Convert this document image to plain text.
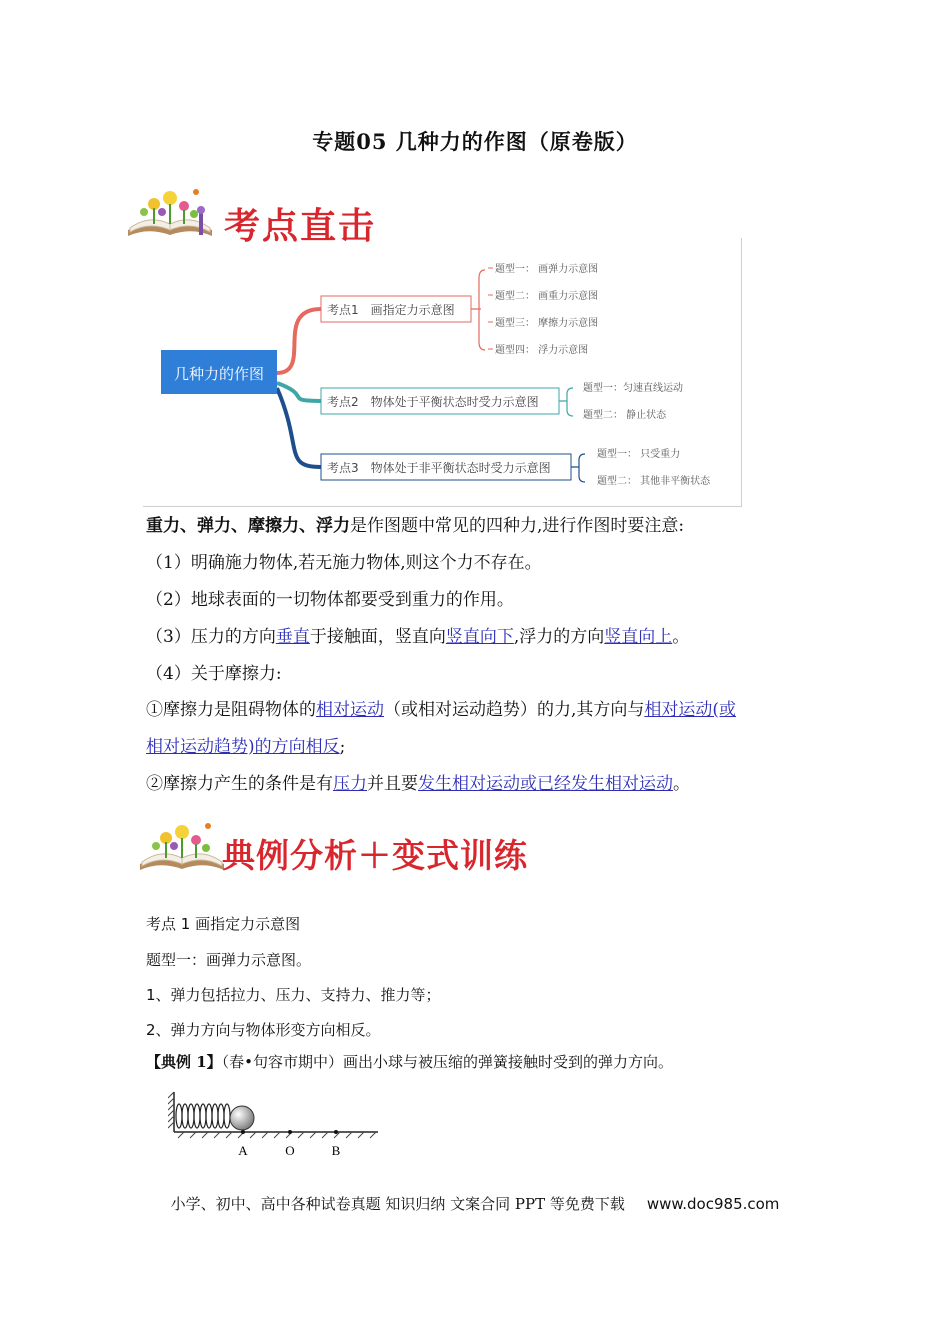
专题05 几种力的作图（原卷版）
考点直击
几种力的作图
考点1　画指定力示意图
题型一： 画弹力示意图
题型二： 画重力示意图
题型三： 摩擦力示意图
题型四： 浮力示意图
考点2　物体处于平衡状态时受力示意图
题型一：匀速直线运动
题型二： 静止状态
考点3　物体处于非平衡状态时受力示意图
题型一： 只受重力
题型二： 其他非平衡状态
重力、弹力、摩擦力、浮力是作图题中常见的四种力,进行作图时要注意:
（1）明确施力物体,若无施力物体,则这个力不存在。
（2）地球表面的一切物体都要受到重力的作用。
（3）压力的方向垂直于接触面，竖直向竖直向下,浮力的方向竖直向上。
（4）关于摩擦力:
①摩擦力是阻碍物体的相对运动（或相对运动趋势）的力,其方向与相对运动(或
相对运动趋势)的方向相反;
②摩擦力产生的条件是有压力并且要发生相对运动或已经发生相对运动。
典例分析＋变式训练
考点 1 画指定力示意图
题型一：画弹力示意图。
1、弹力包括拉力、压力、支持力、推力等；
2、弹力方向与物体形变方向相反。
【典例 1】（春•句容市期中）画出小球与被压缩的弹簧接触时受到的弹力方向。
A	O	B
小学、初中、高中各种试卷真题 知识归纳 文案合同 PPT 等免费下载 www.doc985.com
